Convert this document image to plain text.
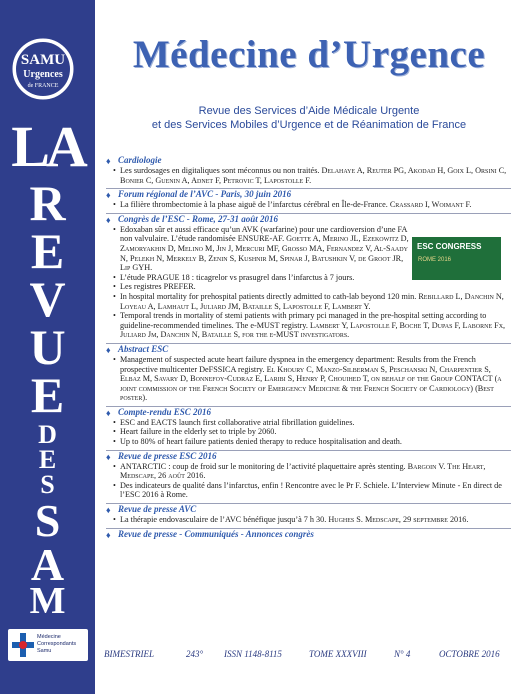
SAMU
Urgences
de FRANCE
LA
R
E
V
U
E
D
E
S
S
A
M
Médecine
Correspondants
Samu
Médecine d’Urgence
Revue des Services d’Aide Médicale Urgente
et des Services Mobiles d’Urgence et de Réanimation de France
ESC CONGRESS
ROME 2016
♦ Cardiologie
• Les surdosages en digitaliques sont méconnus ou non traités. Delahaye A, Reuter PG, Akodad H, Goix L, Orsini C, Bonier C, Guenin A, Adnet F, Petrovic T, Lapostolle F.
♦ Forum régional de l’AVC - Paris, 30 juin 2016
• La filière thrombectomie à la phase aiguë de l’infarctus cérébral en Île-de-France. Crassard I, Woimant F.
♦ Congrès de l’ESC - Rome, 27-31 août 2016
• Edoxaban sûr et aussi efficace qu’un AVK (warfarine) pour une cardioversion d’une FA non valvulaire. L’étude randomisée ENSURE-AF. Goette A, Merino JL, Ezekowitz D, Zamoryakhin D, Melino M, Jin J, Mercuri MF, Grosso MA, Fernandez V, Al-Saady N, Pelekh N, Merkely B, Zenin S, Kushnir M, Spinar J, Batushkin V, de Groot JR, Lip GYH.
• L’étude PRAGUE 18 : ticagrelor vs prasugrel dans l’infarctus à 7 jours.
• Les registres PREFER.
• In hospital mortality for prehospital patients directly admitted to cath-lab beyond 120 min. Rebillard L, Danchin N, Loyeau A, Lamhaut L, Juliard JM, Bataille S, Lapostolle F, Lambert Y.
• Temporal trends in mortality of stemi patients with primary pci managed in the pre-hospital setting according to guideline-recommended timelines. The e-MUST registry. Lambert Y, Lapostolle F, Boche T, Dupas F, Laborne Fx, Juliard Jm, Danchin N, Bataille S, for the e-MUST investigators.
♦ Abstract ESC
• Management of suspected acute heart failure dyspnea in the emergency department: Results from the French prospective multicenter DeFSSICA registry. El Khoury C, Manzo-Silberman S, Peschanski N, Charpentier S, Elbaz M, Savary D, Bonnefoy-Cudraz E, Laribi S, Henry P, Chouihed T, on behalf of the Group CONTACT (a joint commission of the French Society of Emergency Medicine & the French Society of Cardiology) (Best poster).
♦ Compte-rendu ESC 2016
• ESC and EACTS launch first collaborative atrial fibrillation guidelines.
• Heart failure in the elderly set to triple by 2060.
• Up to 80% of heart failure patients denied therapy to reduce hospitalisation and death.
♦ Revue de presse ESC 2016
• ANTARCTIC : coup de froid sur le monitoring de l’activité plaquettaire après stenting. Bargoin V. The Heart, Medscape, 26 août 2016.
• Des indicateurs de qualité dans l’infarctus, enfin ! Rencontre avec le Pr F. Schiele. L’Interview Minute - En direct de l’ESC 2016 à Rome.
♦ Revue de presse AVC
• La thérapie endovasculaire de l’AVC bénéfique jusqu’à 7 h 30. Hughes S. Medscape, 29 septembre 2016.
♦ Revue de presse - Communiqués - Annonces congrès
BIMESTRIEL	243° ISSN 1148-8115	TOME XXXVIII	N° 4	OCTOBRE 2016
